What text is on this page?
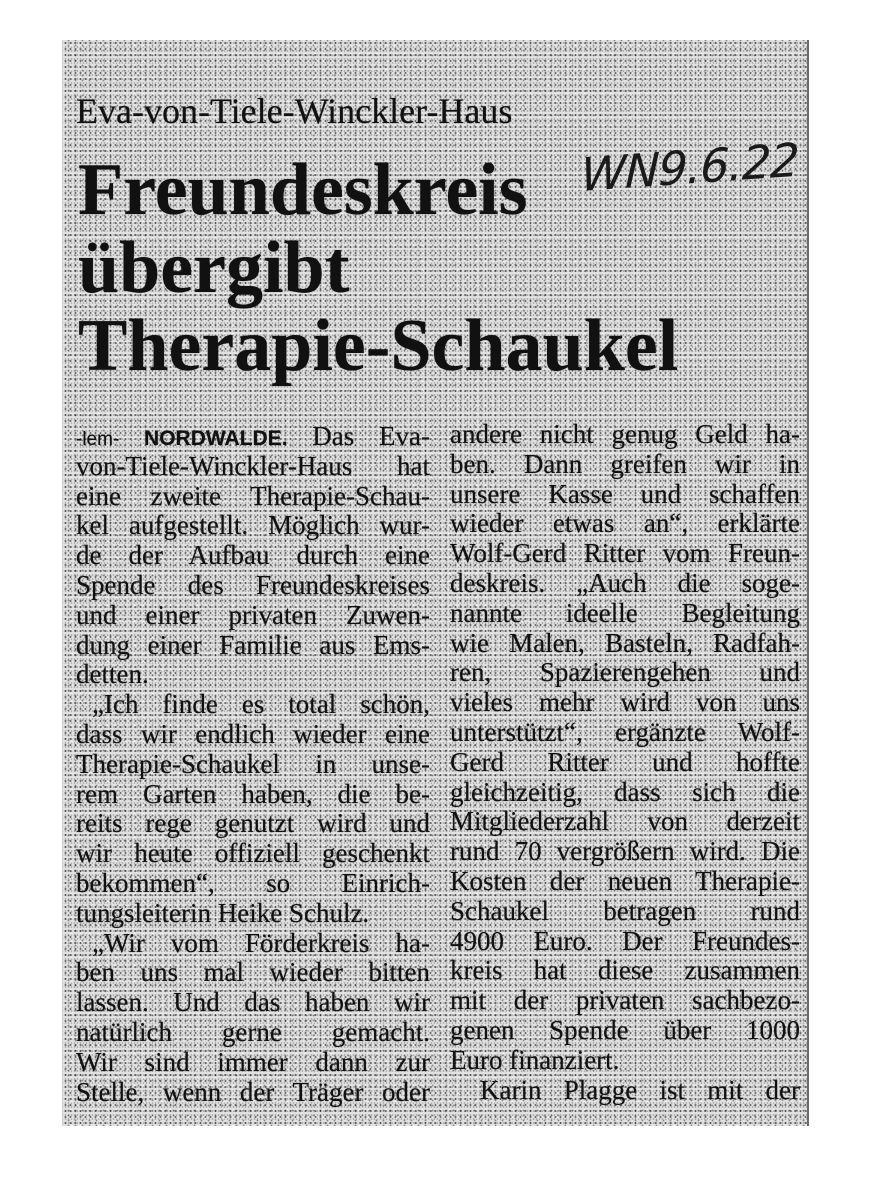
Eva-von-Tiele-Winckler-Haus
Freundeskreis
übergibt
Therapie-Schaukel
WN9.6.22
-lem- NORDWALDE. Das Eva-
von-Tiele-Winckler-Haus hat
eine zweite Therapie-Schau-
kel aufgestellt. Möglich wur-
de der Aufbau durch eine
Spende des Freundeskreises
und einer privaten Zuwen-
dung einer Familie aus Ems-
detten.
„Ich finde es total schön,
dass wir endlich wieder eine
Therapie-Schaukel in unse-
rem Garten haben, die be-
reits rege genutzt wird und
wir heute offiziell geschenkt
bekommen“, so Einrich-
tungsleiterin Heike Schulz.
„Wir vom Förderkreis ha-
ben uns mal wieder bitten
lassen. Und das haben wir
natürlich gerne gemacht.
Wir sind immer dann zur
Stelle, wenn der Träger oder
andere nicht genug Geld ha-
ben. Dann greifen wir in
unsere Kasse und schaffen
wieder etwas an“, erklärte
Wolf-Gerd Ritter vom Freun-
deskreis. „Auch die soge-
nannte ideelle Begleitung
wie Malen, Basteln, Radfah-
ren, Spazierengehen und
vieles mehr wird von uns
unterstützt“, ergänzte Wolf-
Gerd Ritter und hoffte
gleichzeitig, dass sich die
Mitgliederzahl von derzeit
rund 70 vergrößern wird. Die
Kosten der neuen Therapie-
Schaukel betragen rund
4900 Euro. Der Freundes-
kreis hat diese zusammen
mit der privaten sachbezo-
genen Spende über 1000
Euro finanziert.
Karin Plagge ist mit der
